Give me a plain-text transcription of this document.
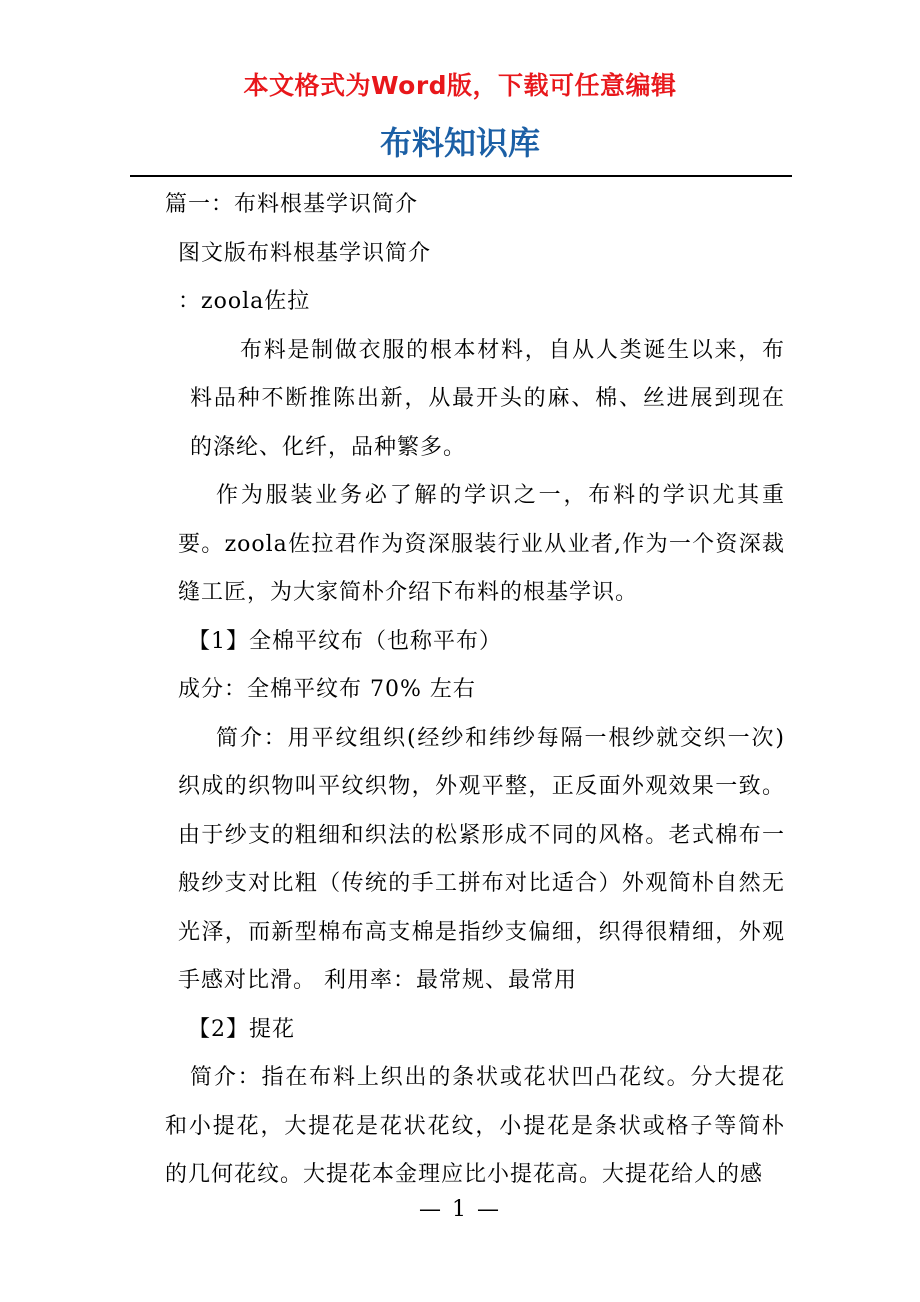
本文格式为Word版，下载可任意编辑
布料知识库

篇一：布料根基学识简介

图文版布料根基学识简介

：zoola佐拉

布料是制做衣服的根本材料，自从人类诞生以来，布料品种不断推陈出新，从最开头的麻、棉、丝进展到现在的涤纶、化纤，品种繁多。

作为服装业务必了解的学识之一，布料的学识尤其重要。zoola佐拉君作为资深服装行业从业者,作为一个资深裁缝工匠，为大家简朴介绍下布料的根基学识。

【1】全棉平纹布（也称平布）

成分：全棉平纹布 70% 左右

简介：用平纹组织(经纱和纬纱每隔一根纱就交织一次)织成的织物叫平纹织物，外观平整，正反面外观效果一致。由于纱支的粗细和织法的松紧形成不同的风格。老式棉布一般纱支对比粗（传统的手工拼布对比适合）外观简朴自然无光泽，而新型棉布高支棉是指纱支偏细，织得很精细，外观手感对比滑。 利用率：最常规、最常用

【2】提花

简介：指在布料上织出的条状或花状凹凸花纹。分大提花和小提花，大提花是花状花纹，小提花是条状或格子等简朴的几何花纹。大提花本金理应比小提花高。大提花给人的感

— 1 —
